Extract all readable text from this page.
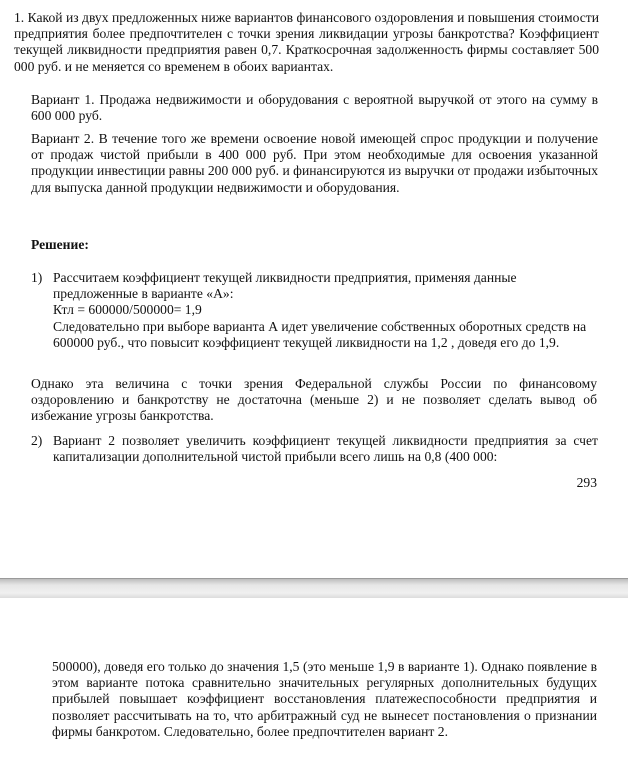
1. Какой из двух предложенных ниже вариантов финансового оздоровления и повышения стоимости предприятия более предпочтителен с точки зрения ликвидации угрозы банкротства? Коэффициент текущей ликвидности предприятия равен 0,7. Краткосрочная задолженность фирмы составляет 500 000 руб. и не меняется со временем в обоих вариантах.

Вариант 1. Продажа недвижимости и оборудования с вероятной выручкой от этого на сумму в 600 000 руб.

Вариант 2. В течение того же времени освоение новой имеющей спрос продукции и получение от продаж чистой прибыли в 400 000 руб. При этом необходимые для освоения указанной продукции инвестиции равны 200 000 руб. и финансируются из выручки от продажи избыточных для выпуска данной продукции недвижимости и оборудования.

Решение:

1) Рассчитаем коэффициент текущей ликвидности предприятия, применяя данные предложенные в варианте «А»:

Ктл = 600000/500000= 1,9

Следовательно при выборе варианта А идет увеличение собственных оборотных средств на 600000 руб., что повысит коэффициент текущей ликвидности на 1,2 , доведя его до 1,9.

Однако эта величина с точки зрения Федеральной службы России по финансовому оздоровлению и банкротству не достаточна (меньше 2) и не позволяет сделать вывод об избежание угрозы банкротства.

2) Вариант 2 позволяет увеличить коэффициент текущей ликвидности предприятия за счет капитализации дополнительной чистой прибыли всего лишь на 0,8 (400 000:

293

500000), доведя его только до значения 1,5 (это меньше 1,9 в варианте 1). Однако появление в этом варианте потока сравнительно значительных регулярных дополнительных будущих прибылей повышает коэффициент восстановления платежеспособности предприятия и позволяет рассчитывать на то, что арбитражный суд не вынесет постановления о признании фирмы банкротом. Следовательно, более предпочтителен вариант 2.
